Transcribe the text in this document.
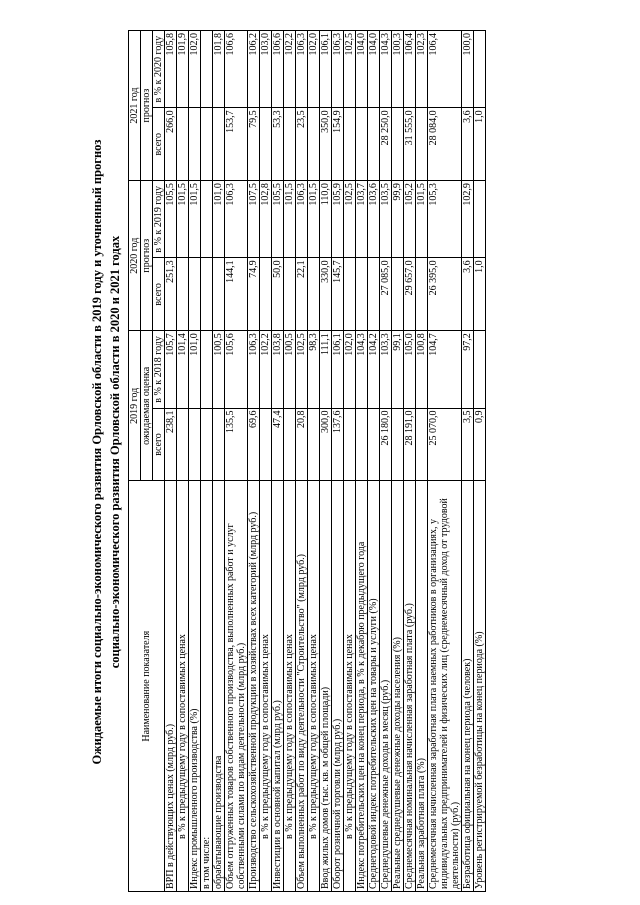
Ожидаемые итоги социально-экономического развития Орловской области в 2019 году и уточненный прогноз социально-экономического развития Орловской области в 2020 и 2021 годах
Наименование показателя	2019 год		2020 год		2021 год	
	ожидаемая оценка		прогноз		прогноз	
	всего	в % к 2018 году	всего	в % к 2019 году	всего	в % к 2020 году
ВРП в действующих ценах (млрд руб.)	238,1	105,7	251,3	105,5	266,0	105,8
в % к предыдущему году в сопоставимых ценах		101,4		101,5		101,9
Индекс промышленного производства (%)		101,0		101,5		102,0
в том числе:						
обрабатывающие производства		100,5		101,0		101,8
Объем отгруженных товаров собственного производства, выполненных работ и услуг собственными силами по видам деятельности (млрд руб.)	135,5	105,6	144,1	106,3	153,7	106,6
Производство сельскохозяйственной продукции в хозяйствах всех категорий (млрд руб.)	69,6	106,3	74,9	107,5	79,5	106,2
в % к предыдущему году в сопоставимых ценах		102,2		102,8		103,0
Инвестиции в основной капитал (млрд руб.)	47,4	103,8	50,0	105,5	53,3	106,6
в % к предыдущему году в сопоставимых ценах		100,5		101,5		102,2
Объем выполненных работ по виду деятельности "Строительство" (млрд руб.)	20,8	102,5	22,1	106,3	23,5	106,3
в % к предыдущему году в сопоставимых ценах		98,3		101,5		102,0
Ввод жилых домов (тыс. кв. м общей площади)	300,0	111,1	330,0	110,0	350,0	106,1
Оборот розничной торговли (млрд руб.)	137,6	106,1	145,7	105,9	154,9	106,3
в % к предыдущему году в сопоставимых ценах		102,0		102,5		102,5
Индекс потребительских цен на конец периода, в % к декабрю предыдущего года		104,3		103,7		104,0
Среднегодовой индекс потребительских цен на товары и услуги (%)		104,2		103,6		104,0
Среднедушевые денежные доходы в месяц (руб.)	26 180,0	103,3	27 085,0	103,5	28 250,0	104,3
Реальные среднедушевые денежные доходы населения (%)		99,1		99,9		100,3
Среднемесячная номинальная начисленная заработная плата (руб.)	28 191,0	105,0	29 657,0	105,2	31 555,0	106,4
Реальная заработная плата (%)		100,8		101,5		102,3
Среднемесячная начисленная заработная плата наемных работников в организациях, у индивидуальных предпринимателей и физических лиц (среднемесячный доход от трудовой деятельности) (руб.)	25 070,0	104,7	26 395,0	105,3	28 084,0	106,4
Безработица официальная на конец периода (человек)	3,5	97,2	3,6	102,9	3,6	100,0
Уровень регистрируемой безработицы на конец периода (%)	0,9		1,0		1,0	
